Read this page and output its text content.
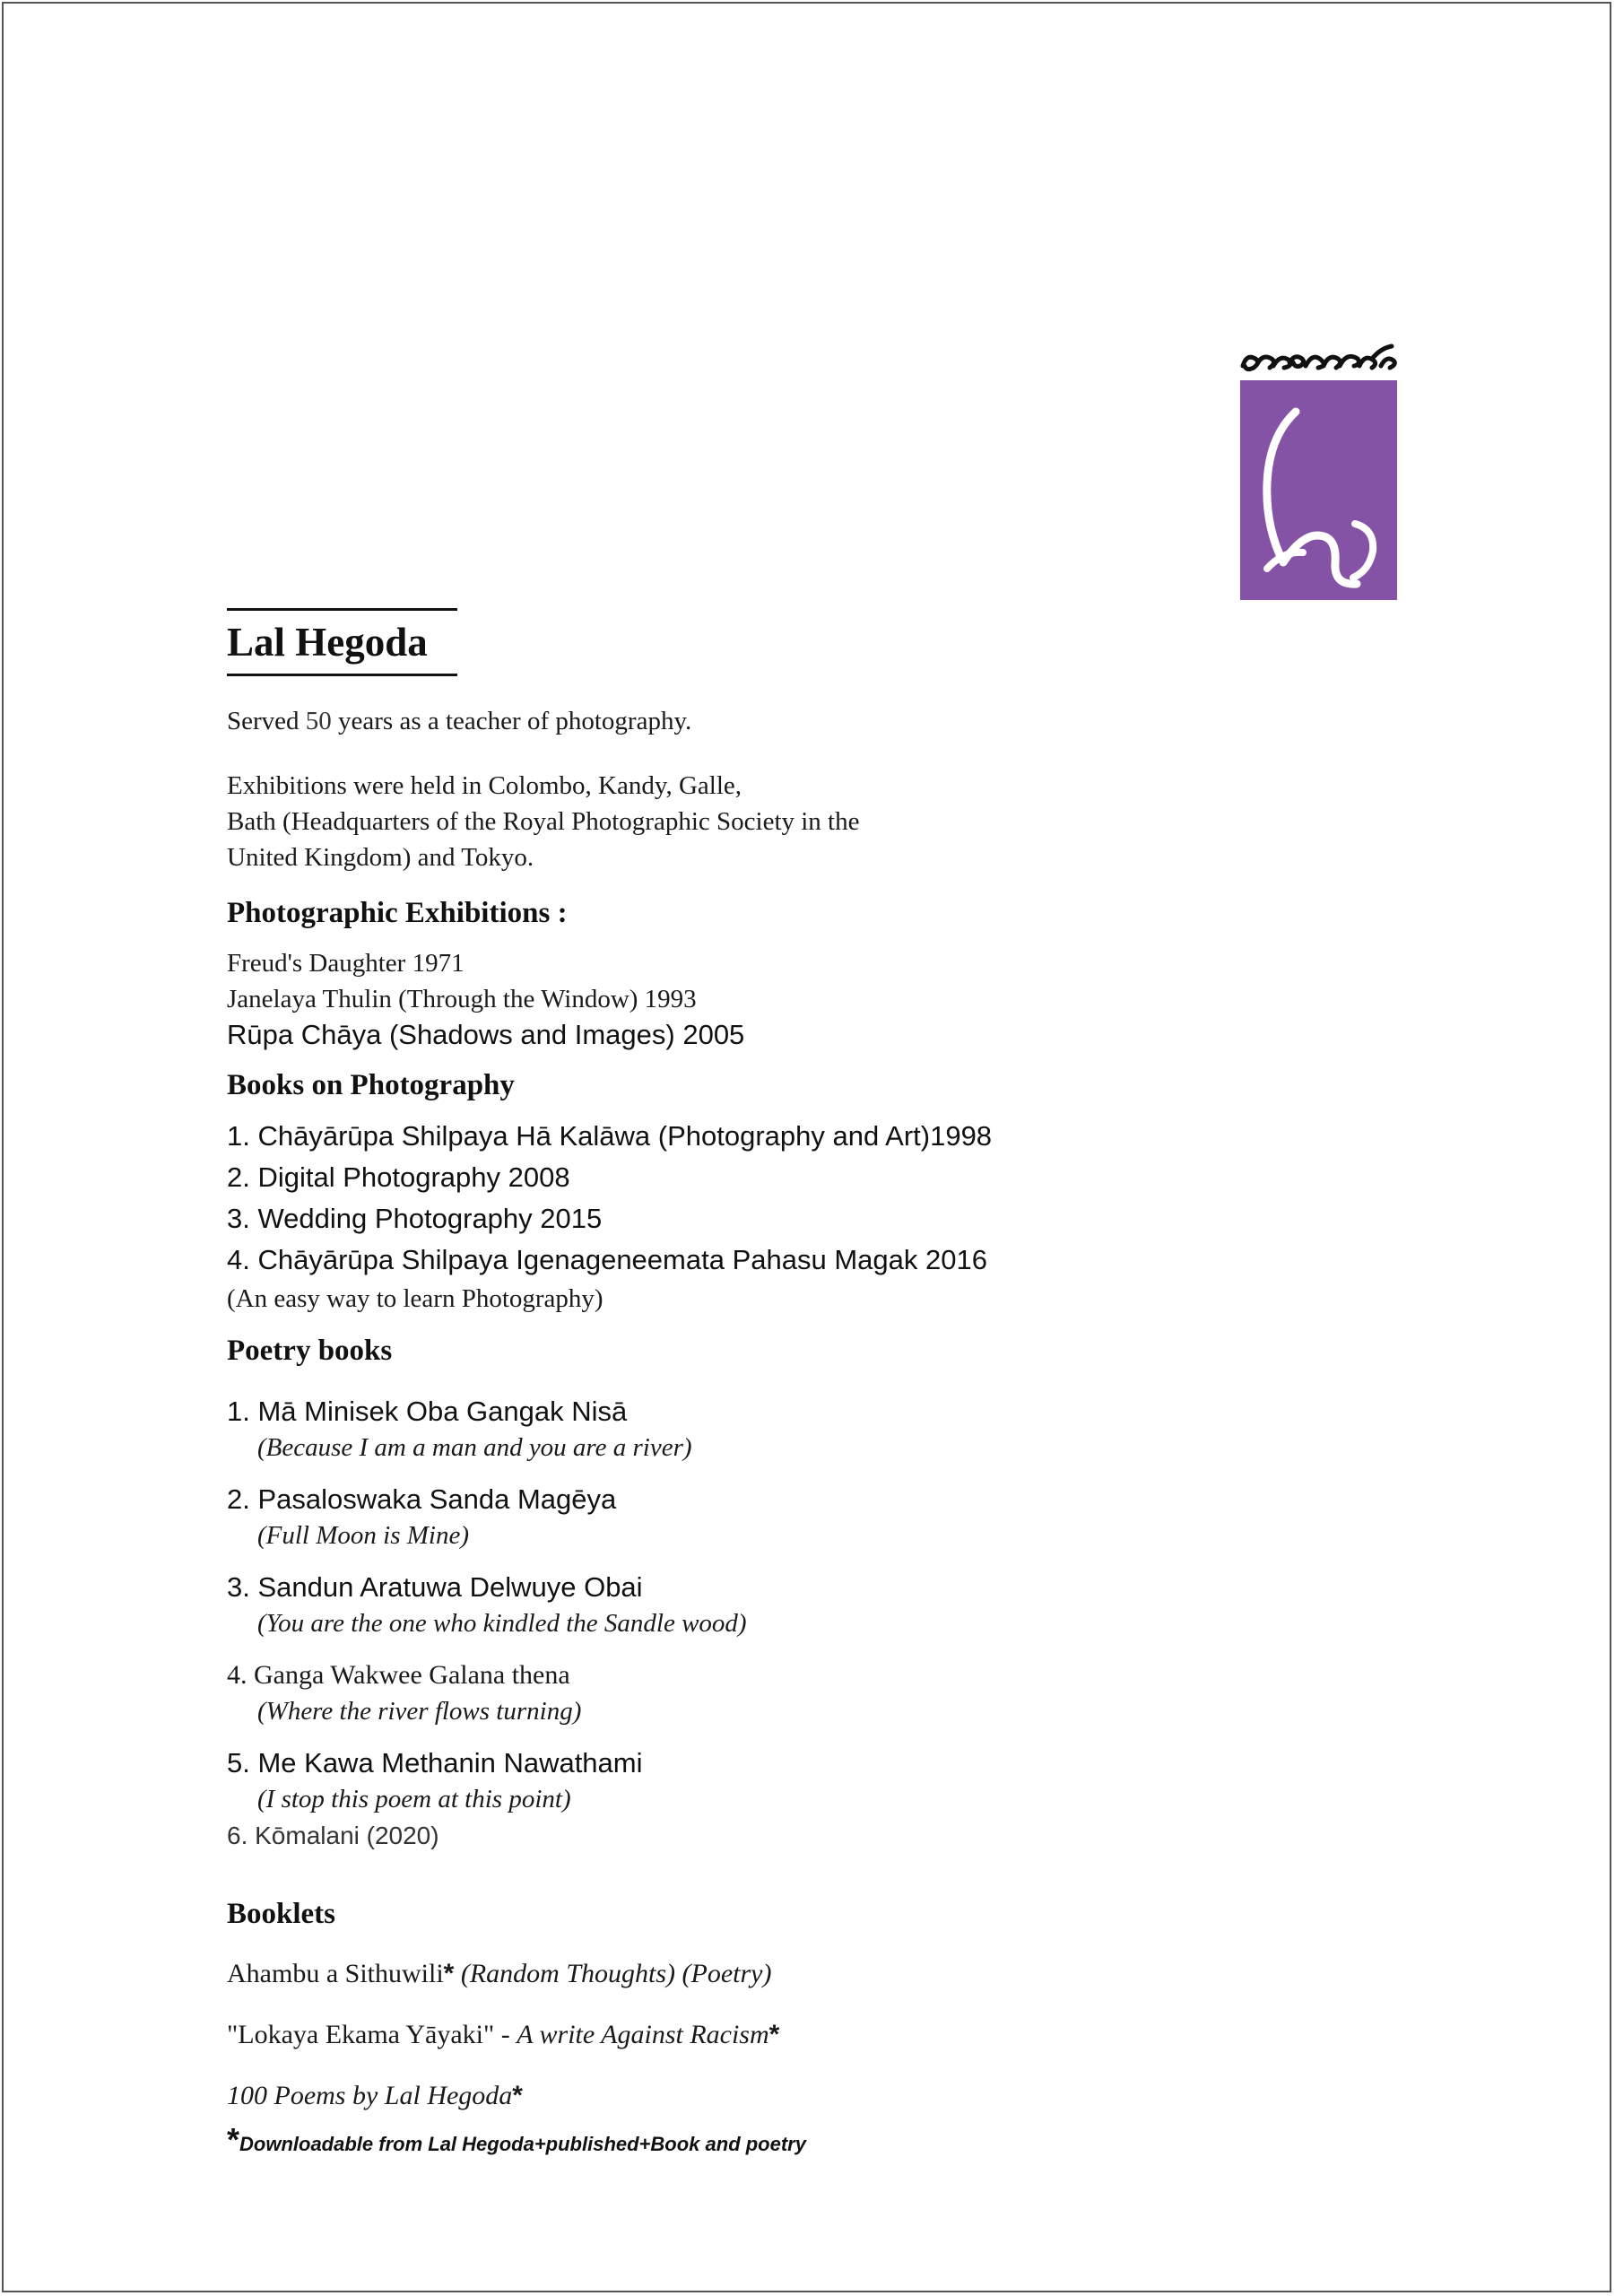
Lal Hegoda
Served 50 years as a teacher of photography.
Exhibitions were held in Colombo, Kandy, Galle,
Bath (Headquarters of the Royal Photographic Society in the
United Kingdom) and Tokyo.
Photographic Exhibitions :
Freud's Daughter 1971
Janelaya Thulin (Through the Window) 1993
Rūpa Chāya (Shadows and Images) 2005
Books on Photography
1. Chāyārūpa Shilpaya Hā Kalāwa (Photography and Art)1998
2. Digital Photography 2008
3. Wedding Photography 2015
4. Chāyārūpa Shilpaya Igenageneemata Pahasu Magak 2016
(An easy way to learn Photography)
Poetry books
1. Mā Minisek Oba Gangak Nisā
(Because I am a man and you are a river)
2. Pasaloswaka Sanda Magēya
(Full Moon is Mine)
3. Sandun Aratuwa Delwuye Obai
(You are the one who kindled the Sandle wood)
4. Ganga Wakwee Galana thena
(Where the river flows turning)
5. Me Kawa Methanin Nawathami
(I stop this poem at this point)
6. Kōmalani (2020)
Booklets
Ahambu a Sithuwili* (Random Thoughts) (Poetry)
"Lokaya Ekama Yāyaki" - A write Against Racism*
100 Poems by Lal Hegoda*
*Downloadable from Lal Hegoda+published+Book and poetry
